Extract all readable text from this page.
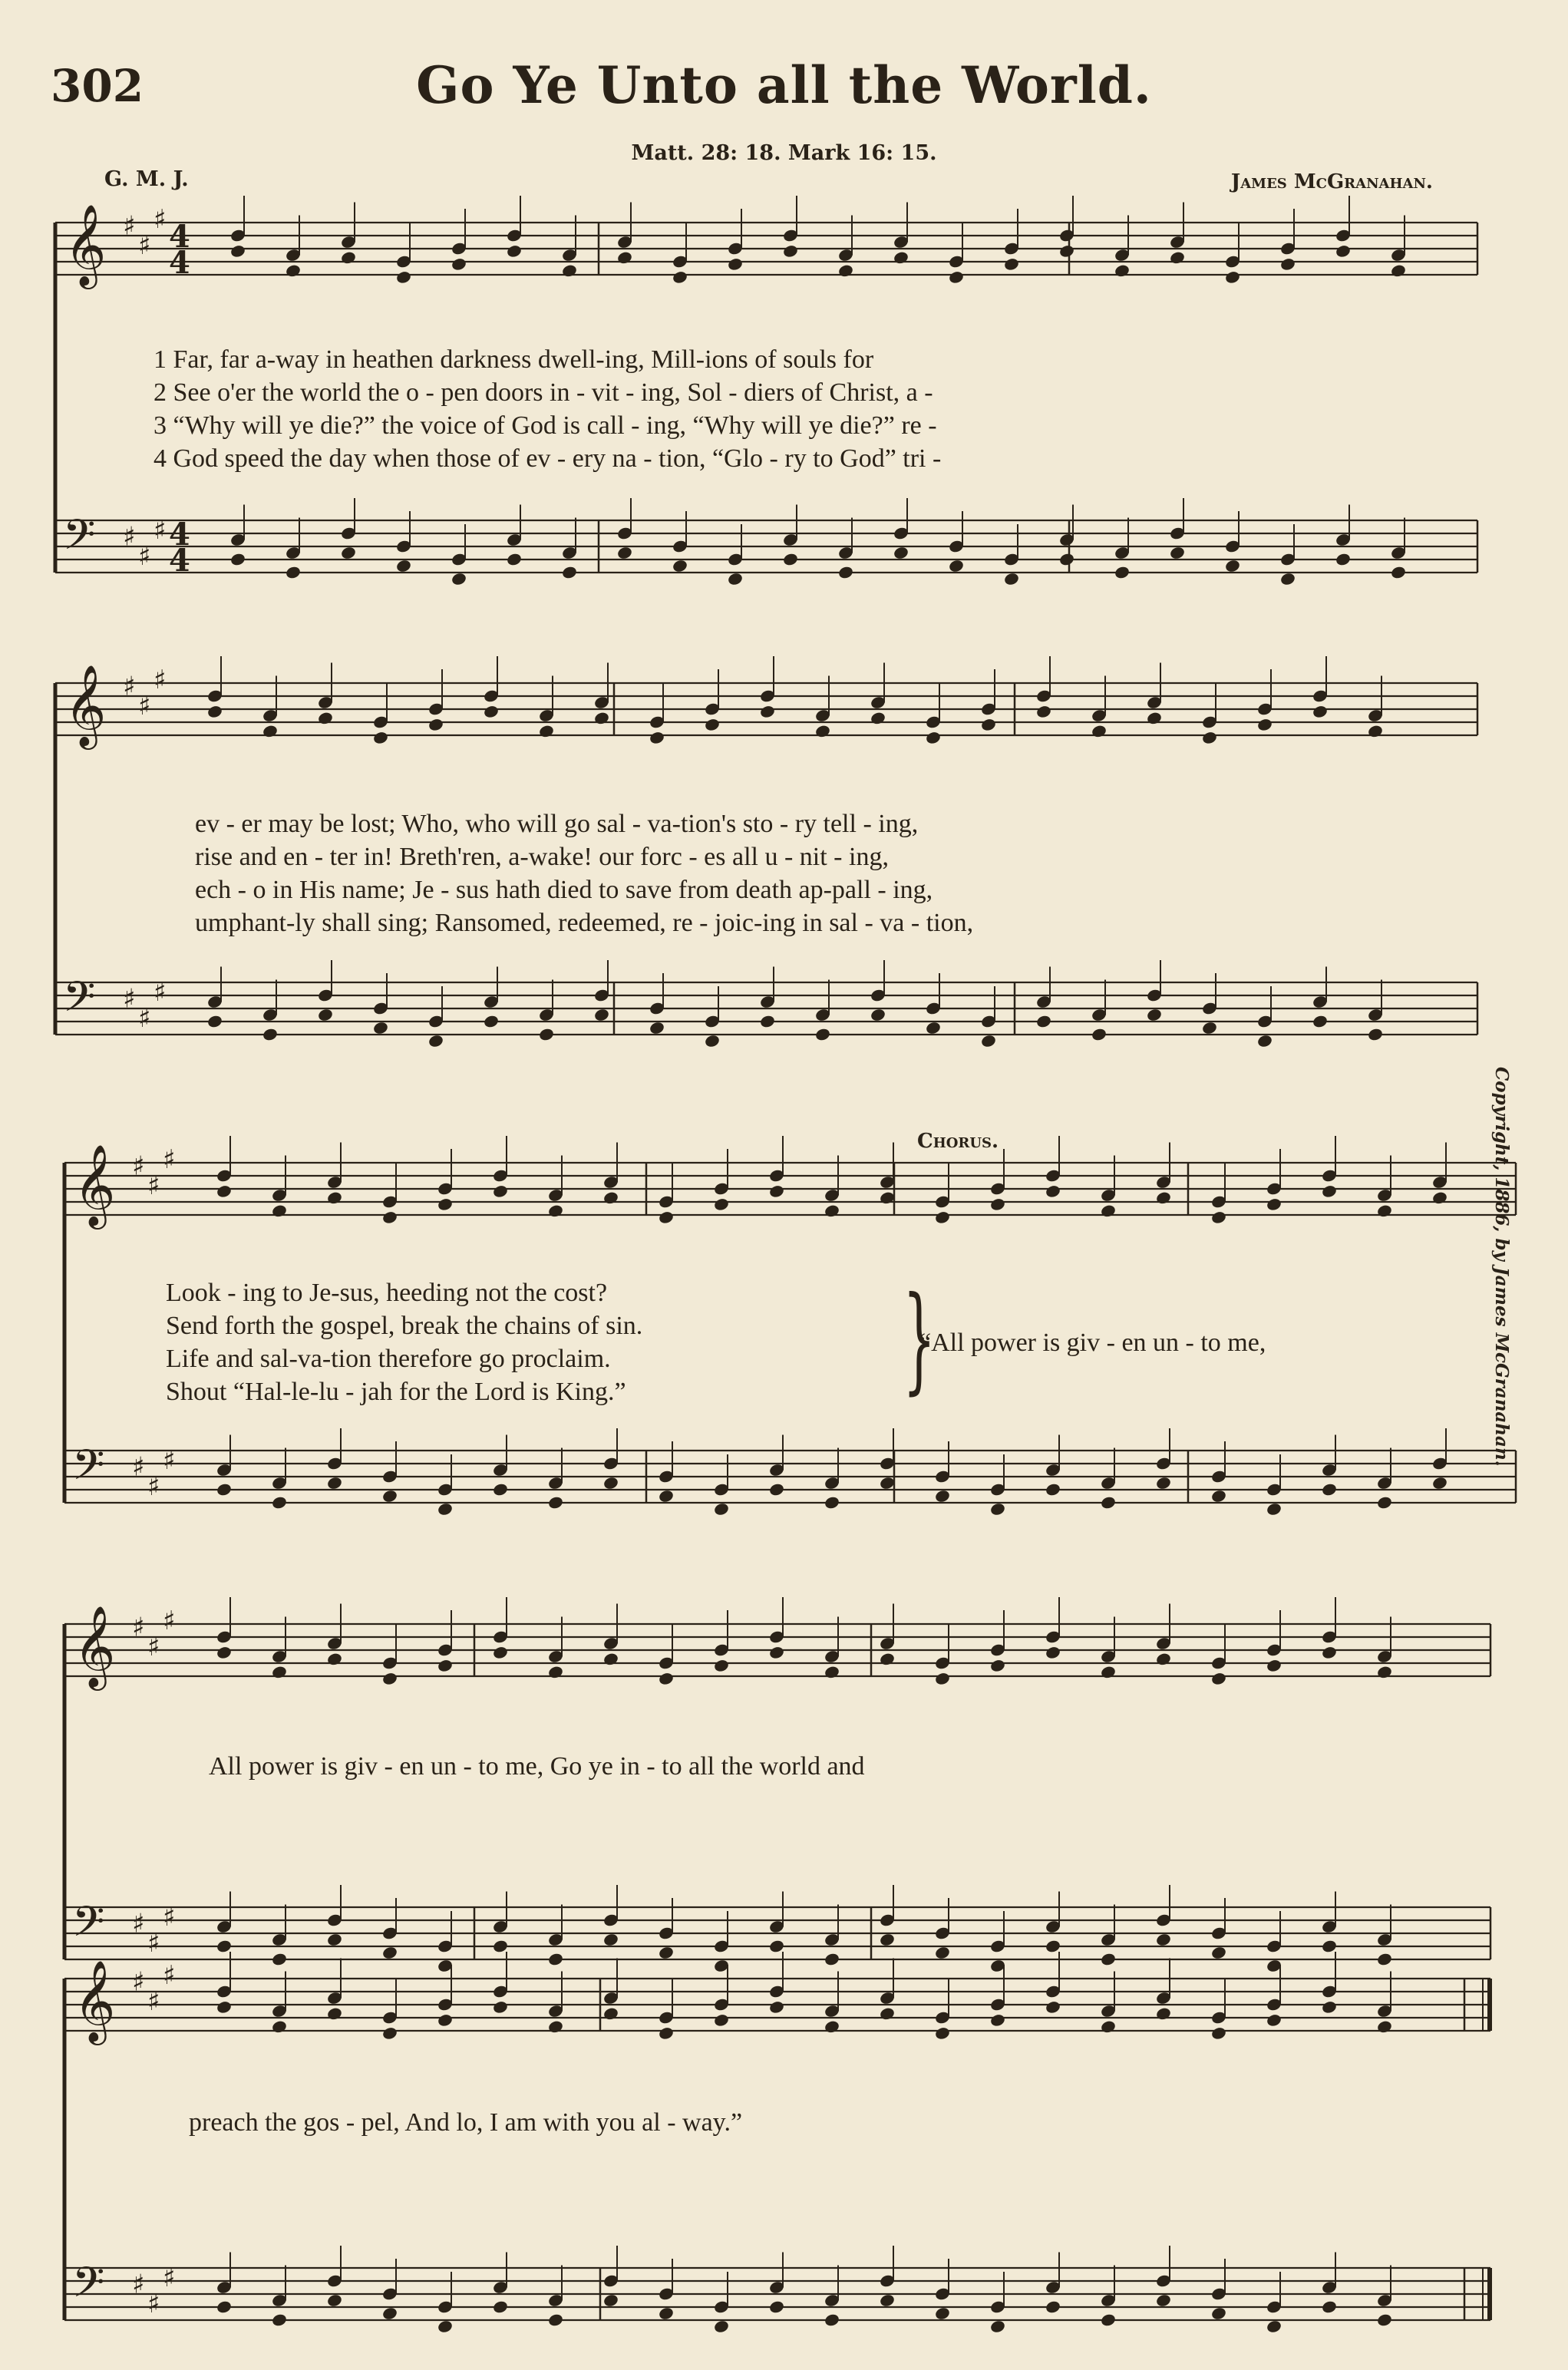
302	Go Ye Unto all the World.
Matt. 28: 18. Mark 16: 15.
G. M. J.	James McGranahan.
Copyright, 1886, by James McGranahan.
𝄞
𝄢
♯
♯
♯
♯
♯
♯
4
4
4
4
𝄞
𝄢
♯
♯
♯
♯
♯
♯
𝄞
𝄢
♯
♯
♯
♯
♯
♯
𝄞
𝄢
♯
♯
♯
♯
♯
♯
𝄞
𝄢
♯
♯
♯
♯
♯
♯
1 Far, far a-way in heathen darkness dwell-ing, Mill-ions of souls for
2 See o'er the world the o - pen doors in - vit - ing, Sol - diers of Christ, a -
3 “Why will ye die?” the voice of God is call - ing, “Why will ye die?” re -
4 God speed the day when those of ev - ery na - tion, “Glo - ry to God” tri -
ev - er may be lost; Who, who will go sal - va-tion's sto - ry tell - ing,
rise and en - ter in! Breth'ren, a-wake! our forc - es all u - nit - ing,
ech - o in His name; Je - sus hath died to save from death ap-pall - ing,
umphant-ly shall sing; Ransomed, redeemed, re - joic-ing in sal - va - tion,
Chorus.
Look - ing to Je-sus, heeding not the cost?
Send forth the gospel, break the chains of sin.
Life and sal-va-tion therefore go proclaim.
Shout “Hal-le-lu - jah for the Lord is King.” }
“All power is giv - en un - to me,
All power is giv - en un - to me, Go ye in - to all the world and
preach the gos - pel, And lo, I am with you al - way.”
